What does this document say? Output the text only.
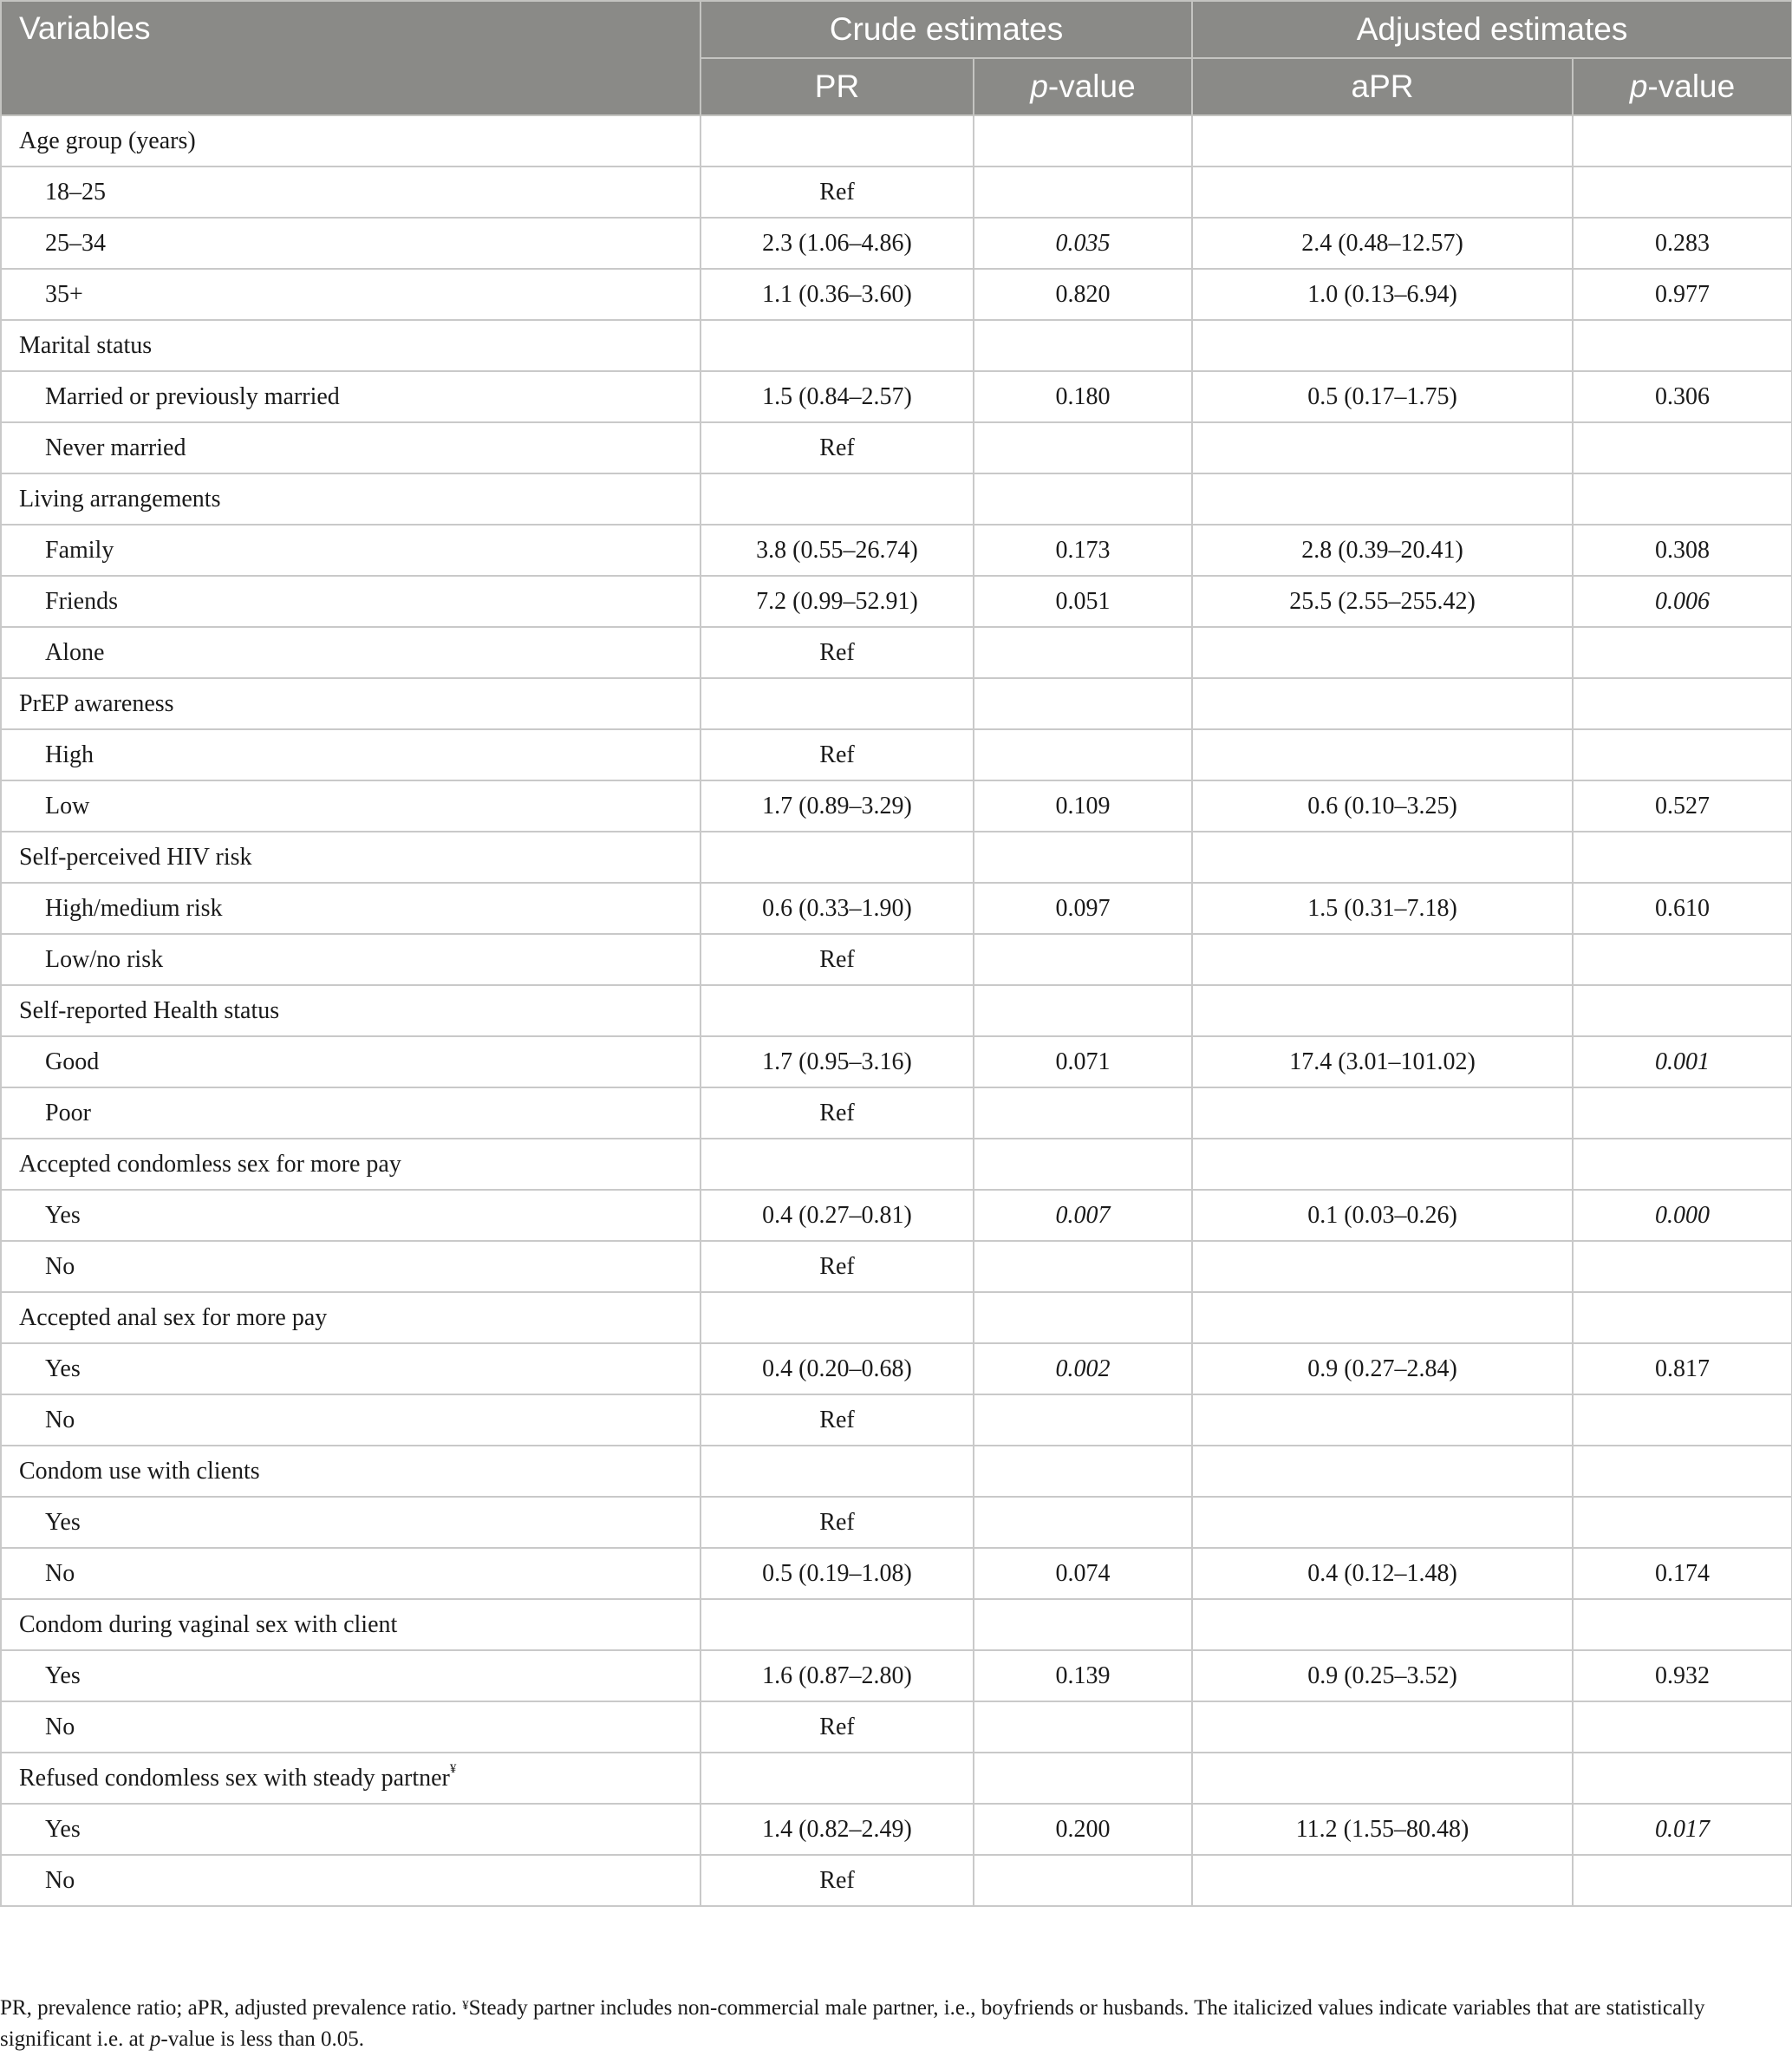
Variables	Crude estimates		Adjusted estimates	
	PR	p-value	aPR	p-value
Age group (years)				
18–25	Ref			
25–34	2.3 (1.06–4.86)	0.035	2.4 (0.48–12.57)	0.283
35+	1.1 (0.36–3.60)	0.820	1.0 (0.13–6.94)	0.977
Marital status				
Married or previously married	1.5 (0.84–2.57)	0.180	0.5 (0.17–1.75)	0.306
Never married	Ref			
Living arrangements				
Family	3.8 (0.55–26.74)	0.173	2.8 (0.39–20.41)	0.308
Friends	7.2 (0.99–52.91)	0.051	25.5 (2.55–255.42)	0.006
Alone	Ref			
PrEP awareness				
High	Ref			
Low	1.7 (0.89–3.29)	0.109	0.6 (0.10–3.25)	0.527
Self-perceived HIV risk				
High/medium risk	0.6 (0.33–1.90)	0.097	1.5 (0.31–7.18)	0.610
Low/no risk	Ref			
Self-reported Health status				
Good	1.7 (0.95–3.16)	0.071	17.4 (3.01–101.02)	0.001
Poor	Ref			
Accepted condomless sex for more pay				
Yes	0.4 (0.27–0.81)	0.007	0.1 (0.03–0.26)	0.000
No	Ref			
Accepted anal sex for more pay				
Yes	0.4 (0.20–0.68)	0.002	0.9 (0.27–2.84)	0.817
No	Ref			
Condom use with clients				
Yes	Ref			
No	0.5 (0.19–1.08)	0.074	0.4 (0.12–1.48)	0.174
Condom during vaginal sex with client				
Yes	1.6 (0.87–2.80)	0.139	0.9 (0.25–3.52)	0.932
No	Ref			
Refused condomless sex with steady partner¥				
Yes	1.4 (0.82–2.49)	0.200	11.2 (1.55–80.48)	0.017
No	Ref			
PR, prevalence ratio; aPR, adjusted prevalence ratio. ¥Steady partner includes non-commercial male partner, i.e., boyfriends or husbands. The italicized values indicate variables that are statistically significant i.e. at p-value is less than 0.05.
